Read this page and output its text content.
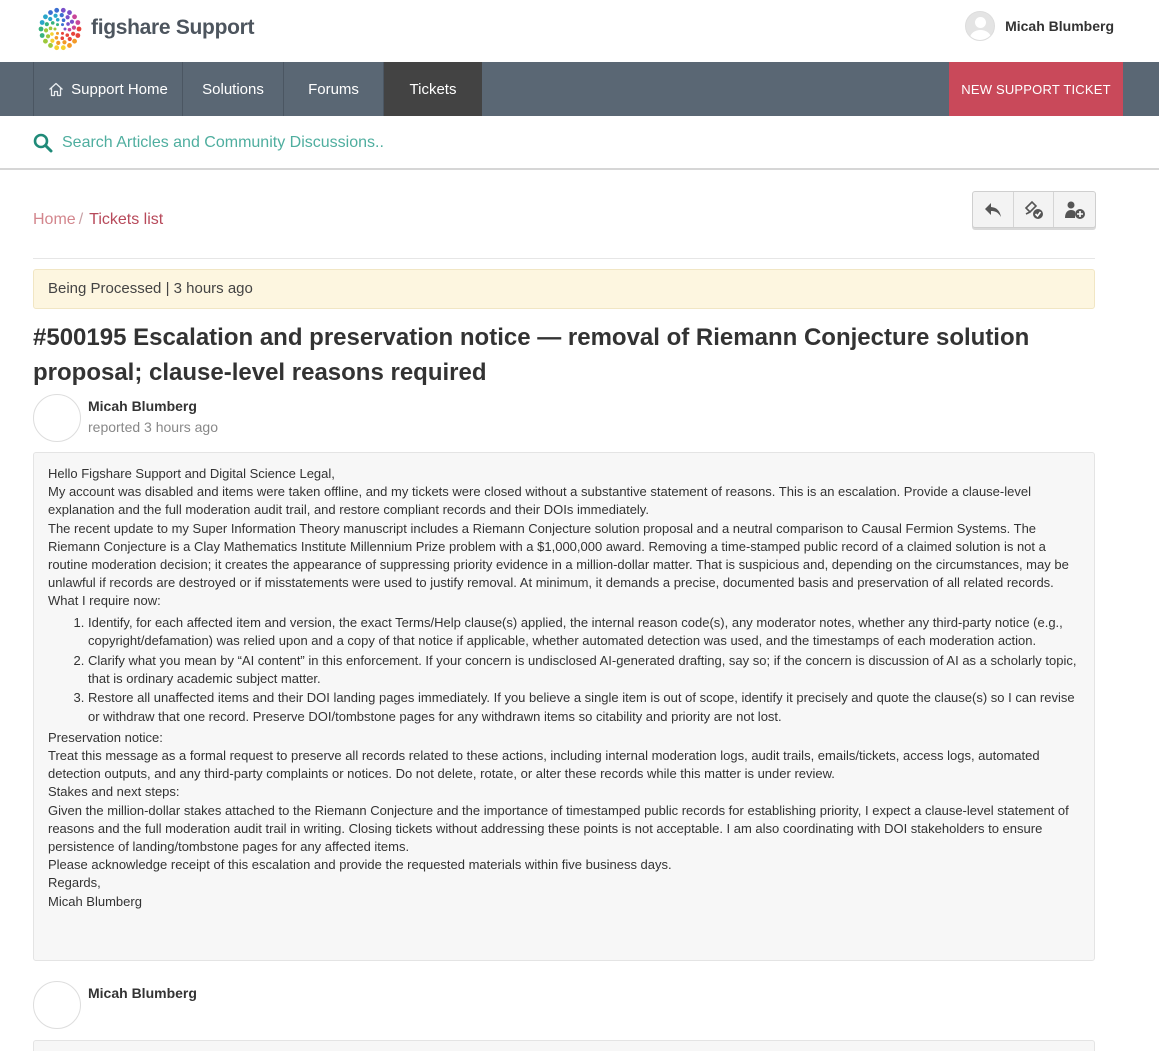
figshare Support	Micah Blumberg
Support Home Solutions	Forums	Tickets	NEW SUPPORT TICKET
Search Articles and Community Discussions..
Home / Tickets list
Being Processed | 3 hours ago
#500195 Escalation and preservation notice — removal of Riemann Conjecture solution proposal; clause-level reasons required
Micah Blumberg
reported 3 hours ago

Hello Figshare Support and Digital Science Legal,

My account was disabled and items were taken offline, and my tickets were closed without a substantive statement of reasons. This is an escalation. Provide a clause-level explanation and the full moderation audit trail, and restore compliant records and their DOIs immediately.

The recent update to my Super Information Theory manuscript includes a Riemann Conjecture solution proposal and a neutral comparison to Causal Fermion Systems. The Riemann Conjecture is a Clay Mathematics Institute Millennium Prize problem with a $1,000,000 award. Removing a time-stamped public record of a claimed solution is not a routine moderation decision; it creates the appearance of suppressing priority evidence in a million-dollar matter. That is suspicious and, depending on the circumstances, may be unlawful if records are destroyed or if misstatements were used to justify removal. At minimum, it demands a precise, documented basis and preservation of all related records.

What I require now:

1. Identify, for each affected item and version, the exact Terms/Help clause(s) applied, the internal reason code(s), any moderator notes, whether any third-party notice (e.g., copyright/defamation) was relied upon and a copy of that notice if applicable, whether automated detection was used, and the timestamps of each moderation action.
2. Clarify what you mean by “AI content” in this enforcement. If your concern is undisclosed AI-generated drafting, say so; if the concern is discussion of AI as a scholarly topic, that is ordinary academic subject matter.
3. Restore all unaffected items and their DOI landing pages immediately. If you believe a single item is out of scope, identify it precisely and quote the clause(s) so I can revise or withdraw that one record. Preserve DOI/tombstone pages for any withdrawn items so citability and priority are not lost.

Preservation notice:

Treat this message as a formal request to preserve all records related to these actions, including internal moderation logs, audit trails, emails/tickets, access logs, automated detection outputs, and any third-party complaints or notices. Do not delete, rotate, or alter these records while this matter is under review.

Stakes and next steps:

Given the million-dollar stakes attached to the Riemann Conjecture and the importance of timestamped public records for establishing priority, I expect a clause-level statement of reasons and the full moderation audit trail in writing. Closing tickets without addressing these points is not acceptable. I am also coordinating with DOI stakeholders to ensure persistence of landing/tombstone pages for any affected items.

Please acknowledge receipt of this escalation and provide the requested materials within five business days.

Regards,

Micah Blumberg

Micah Blumberg
